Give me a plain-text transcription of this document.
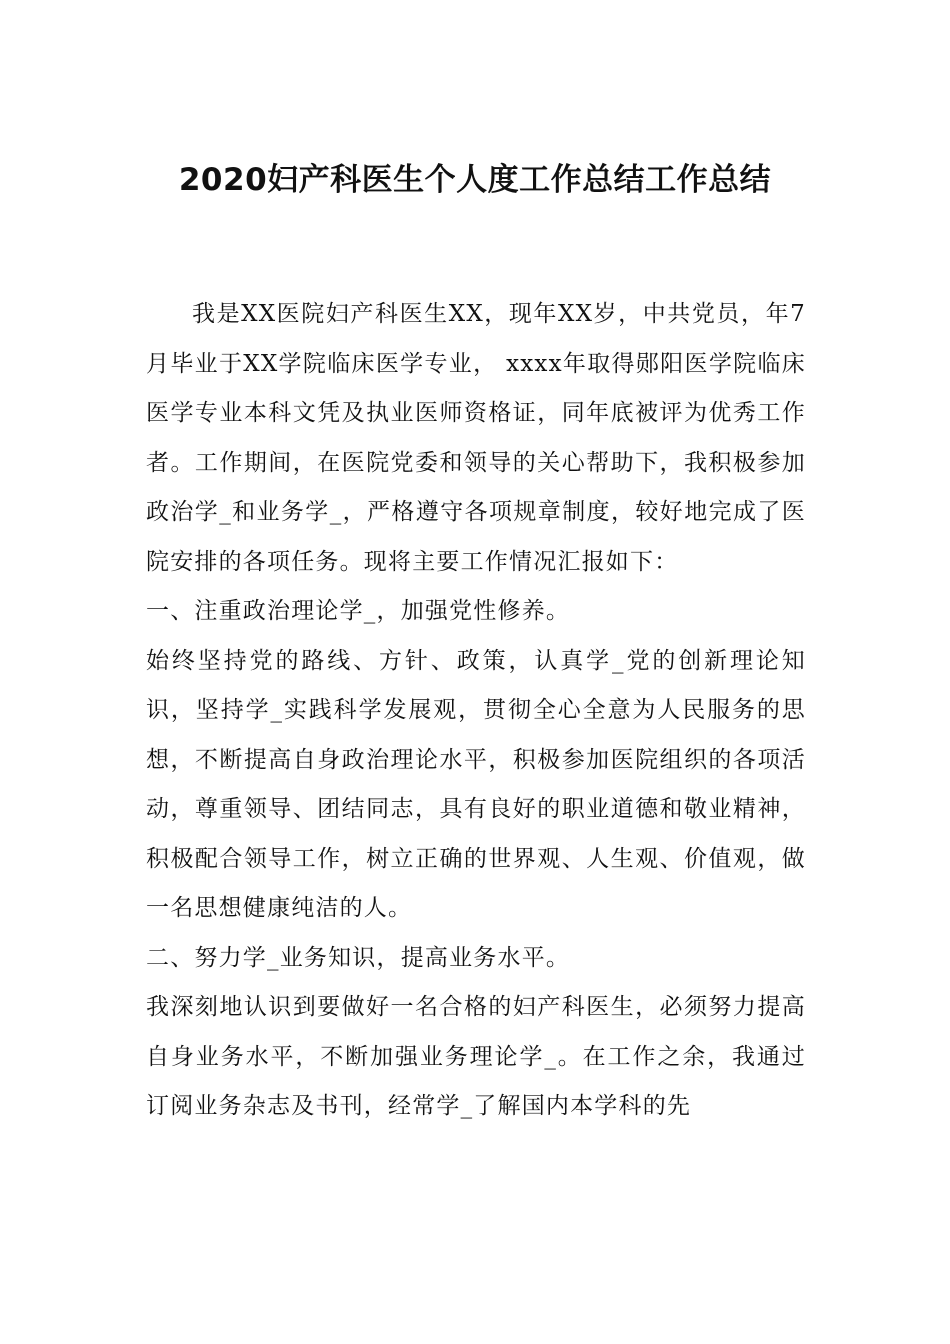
2020妇产科医生个人度工作总结工作总结

我是XX医院妇产科医生XX，现年XX岁，中共党员，年7月毕业于XX学院临床医学专业， xxxx年取得郧阳医学院临床医学专业本科文凭及执业医师资格证，同年底被评为优秀工作者。工作期间，在医院党委和领导的关心帮助下，我积极参加政治学_和业务学_，严格遵守各项规章制度，较好地完成了医院安排的各项任务。现将主要工作情况汇报如下：

一、注重政治理论学_，加强党性修养。

始终坚持党的路线、方针、政策，认真学_党的创新理论知识，坚持学_实践科学发展观，贯彻全心全意为人民服务的思想，不断提高自身政治理论水平，积极参加医院组织的各项活动，尊重领导、团结同志，具有良好的职业道德和敬业精神，积极配合领导工作，树立正确的世界观、人生观、价值观，做一名思想健康纯洁的人。

二、努力学_业务知识，提高业务水平。

我深刻地认识到要做好一名合格的妇产科医生，必须努力提高自身业务水平，不断加强业务理论学_。在工作之余，我通过订阅业务杂志及书刊，经常学_了解国内本学科的先
